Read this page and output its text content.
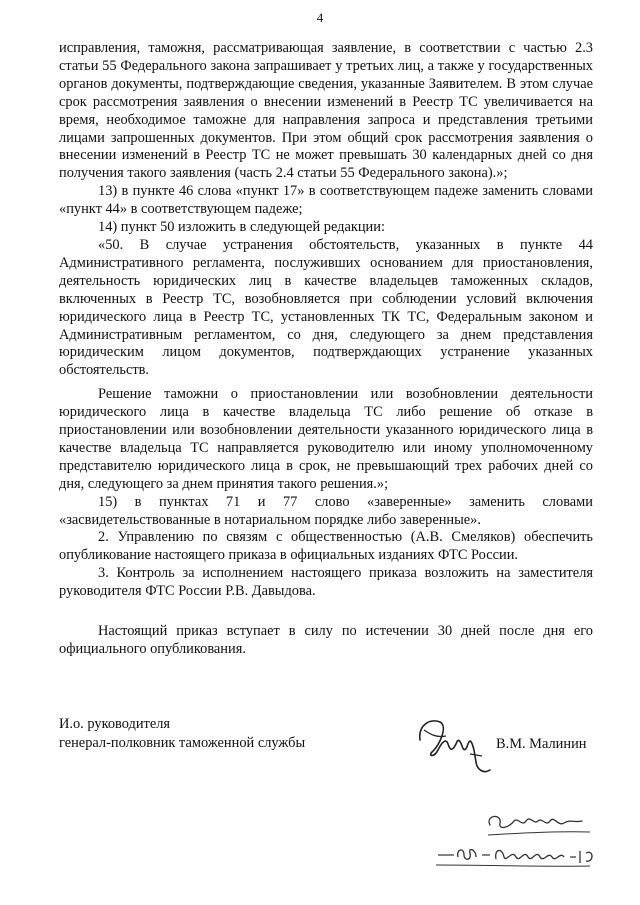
4

исправления, таможня, рассматривающая заявление, в соответствии с частью 2.3 статьи 55 Федерального закона запрашивает у третьих лиц, а также у государственных органов документы, подтверждающие сведения, указанные Заявителем. В этом случае срок рассмотрения заявления о внесении изменений в Реестр ТС увеличивается на время, необходимое таможне для направления запроса и представления третьими лицами запрошенных документов. При этом общий срок рассмотрения заявления о внесении изменений в Реестр ТС не может превышать 30 календарных дней со дня получения такого заявления (часть 2.4 статьи 55 Федерального закона).»;

13) в пункте 46 слова «пункт 17» в соответствующем падеже заменить словами «пункт 44» в соответствующем падеже;

14) пункт 50 изложить в следующей редакции:

«50. В случае устранения обстоятельств, указанных в пункте 44 Административного регламента, послуживших основанием для приостановления, деятельность юридических лиц в качестве владельцев таможенных складов, включенных в Реестр ТС, возобновляется при соблюдении условий включения юридического лица в Реестр ТС, установленных ТК ТС, Федеральным законом и Административным регламентом, со дня, следующего за днем представления юридическим лицом документов, подтверждающих устранение указанных обстоятельств.

Решение таможни о приостановлении или возобновлении деятельности юридического лица в качестве владельца ТС либо решение об отказе в приостановлении или возобновлении деятельности указанного юридического лица в качестве владельца ТС направляется руководителю или иному уполномоченному представителю юридического лица в срок, не превышающий трех рабочих дней со дня, следующего за днем принятия такого решения.»;

15) в пунктах 71 и 77 слово «заверенные» заменить словами «засвидетельствованные в нотариальном порядке либо заверенные».

2. Управлению по связям с общественностью (А.В. Смеляков) обеспечить опубликование настоящего приказа в официальных изданиях ФТС России.

3. Контроль за исполнением настоящего приказа возложить на заместителя руководителя ФТС России Р.В. Давыдова.

Настоящий приказ вступает в силу по истечении 30 дней после дня его официального опубликования.

И.о. руководителя
генерал-полковник таможенной службы	В.М. Малинин
